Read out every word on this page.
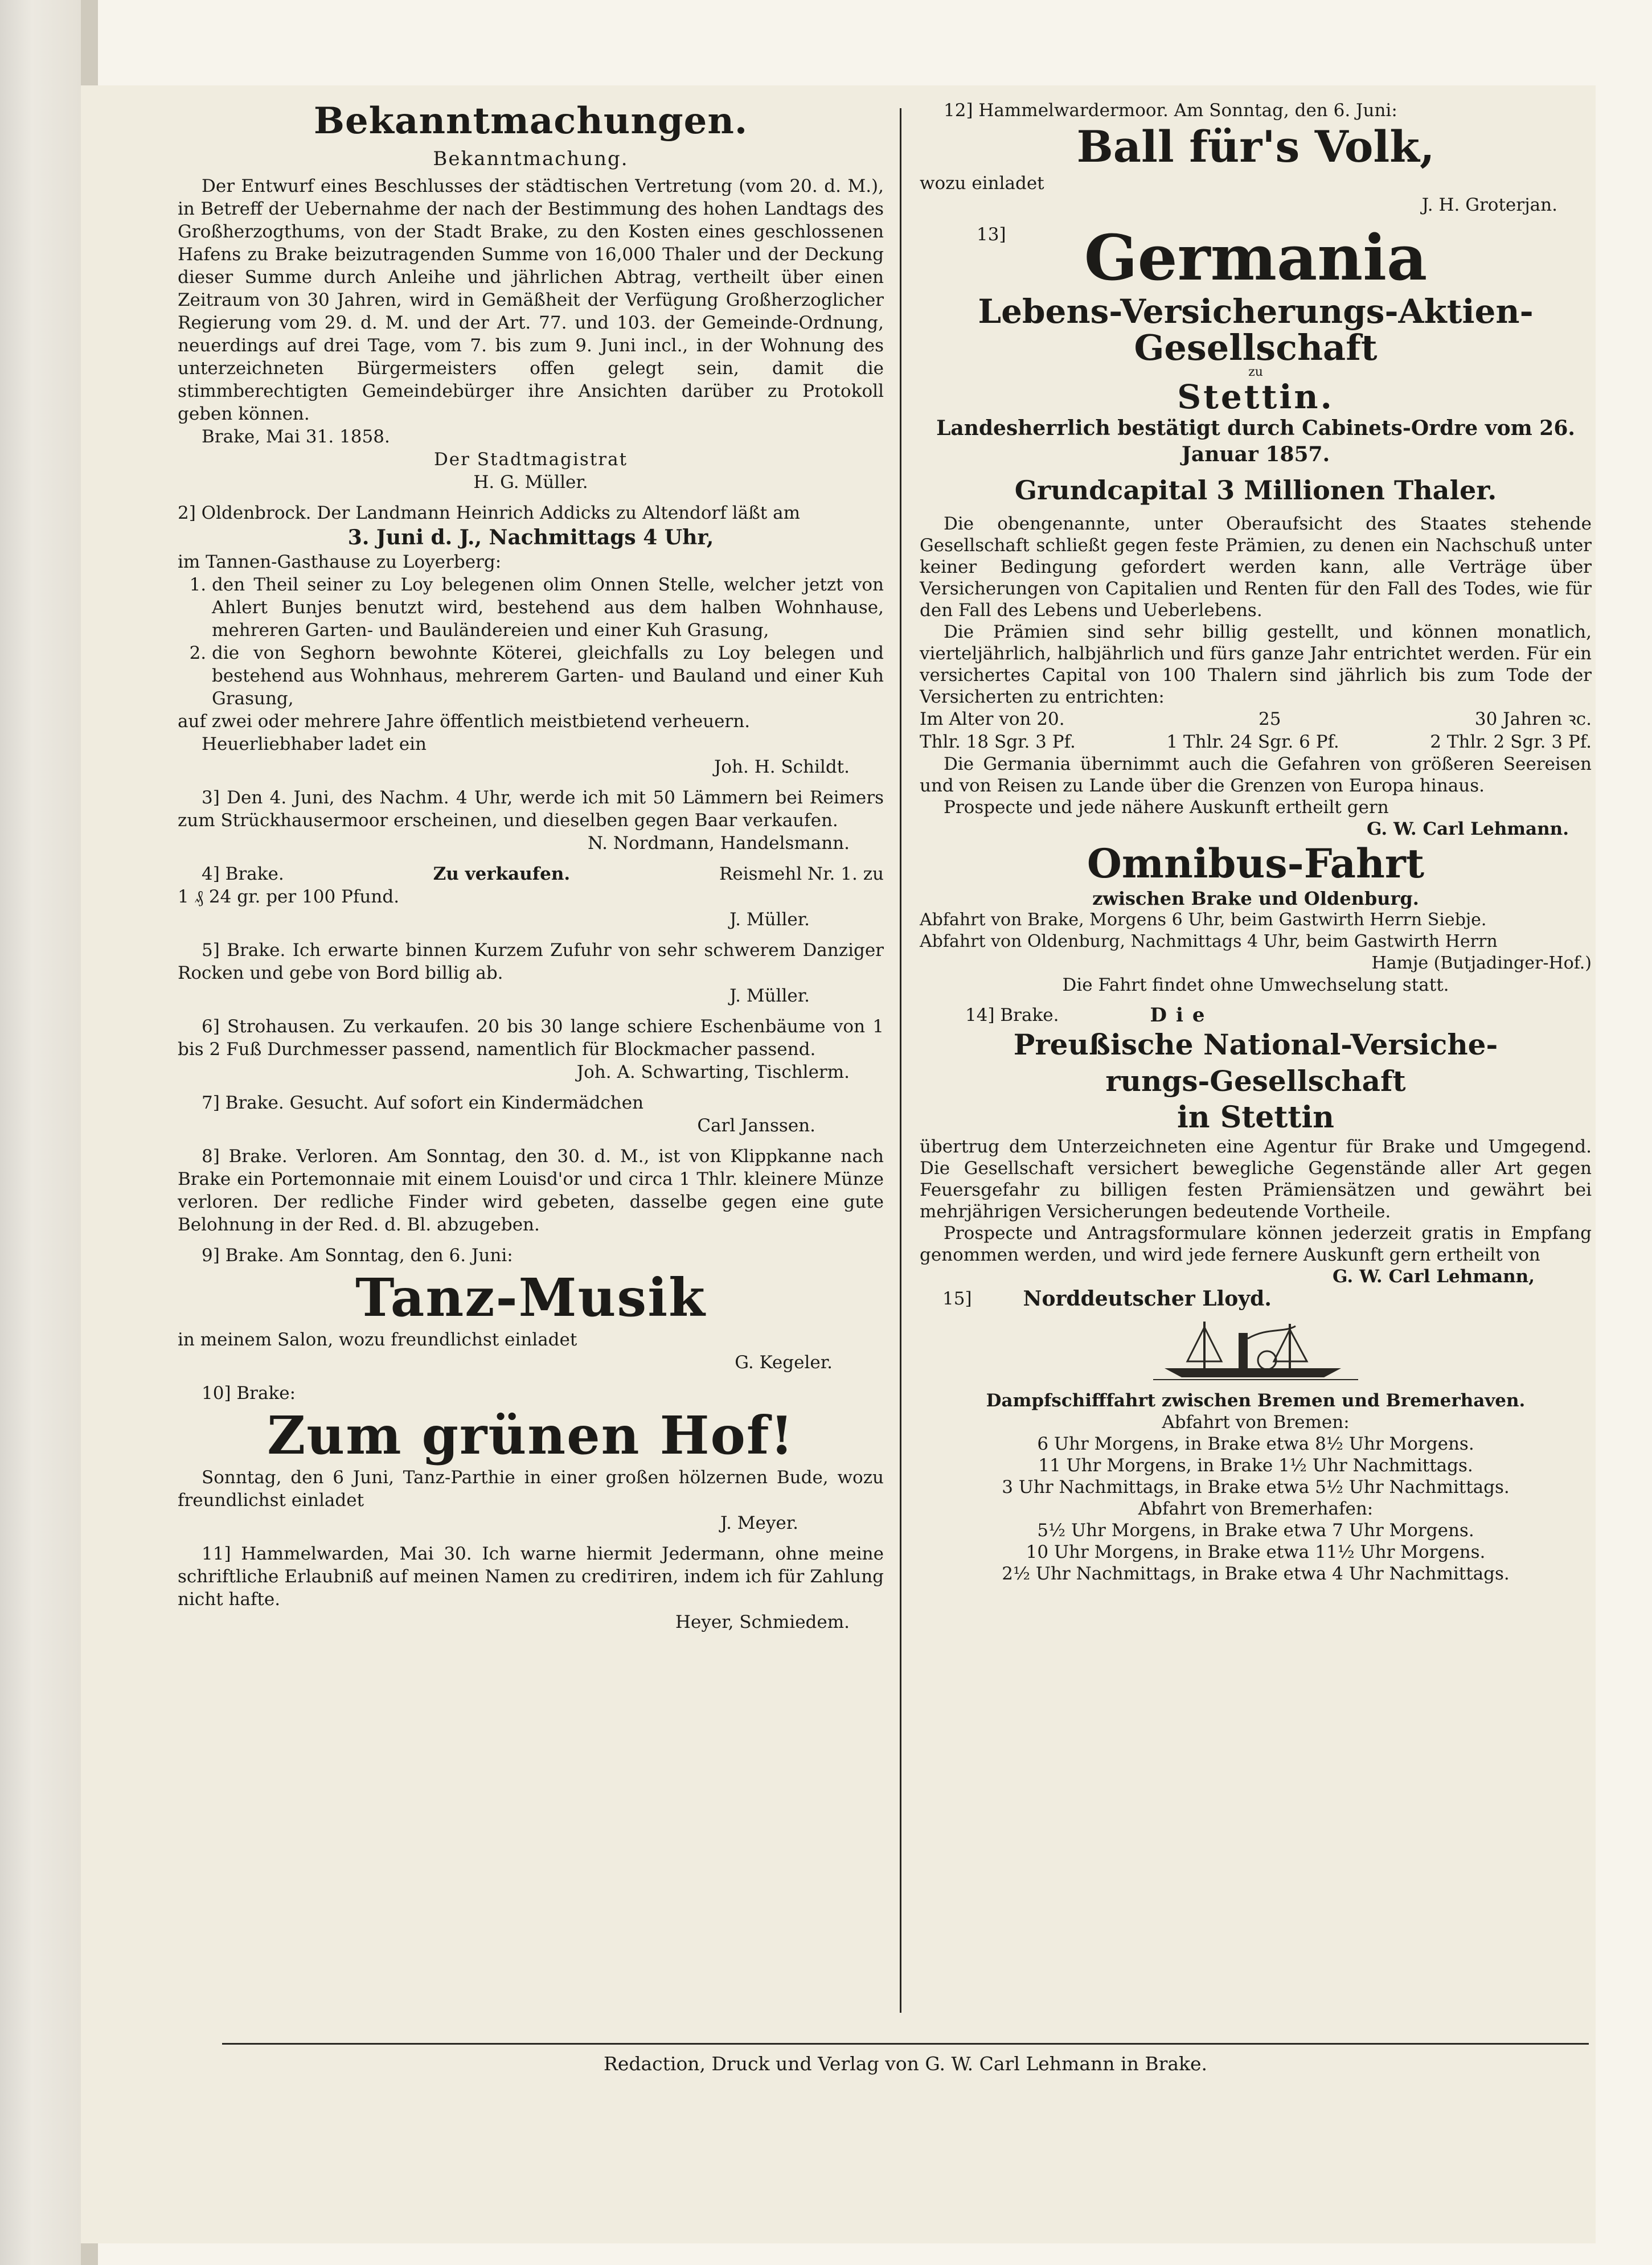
Bekanntmachungen.

Bekanntmachung.

Der Entwurf eines Beschlusses der städtischen Vertretung (vom 20. d. M.), in Betreff der Uebernahme der nach der Bestimmung des hohen Landtags des Großherzogthums, von der Stadt Brake, zu den Kosten eines geschlossenen Hafens zu Brake beizutragenden Summe von 16,000 Thaler und der Deckung dieser Summe durch Anleihe und jährlichen Abtrag, vertheilt über einen Zeitraum von 30 Jahren, wird in Gemäßheit der Verfügung Großherzoglicher Regierung vom 29. d. M. und der Art. 77. und 103. der Gemeinde-Ordnung, neuerdings auf drei Tage, vom 7. bis zum 9. Juni incl., in der Wohnung des unterzeichneten Bürgermeisters offen gelegt sein, damit die stimmberechtigten Gemeindebürger ihre Ansichten darüber zu Protokoll geben können.

Brake, Mai 31. 1858.

Der Stadtmagistrat

H. G. Müller.

2] Oldenbrock. Der Landmann Heinrich Addicks zu Altendorf läßt am

3. Juni d. J., Nachmittags 4 Uhr,

im Tannen-Gasthause zu Loyerberg:

1. den Theil seiner zu Loy belegenen olim Onnen Stelle, welcher jetzt von Ahlert Bunjes benutzt wird, bestehend aus dem halben Wohnhause, mehreren Garten- und Bauländereien und einer Kuh Grasung,
2. die von Seghorn bewohnte Köterei, gleichfalls zu Loy belegen und bestehend aus Wohnhaus, mehrerem Garten- und Bauland und einer Kuh Grasung,

auf zwei oder mehrere Jahre öffentlich meistbietend verheuern.

Heuerliebhaber ladet ein

Joh. H. Schildt.

3] Den 4. Juni, des Nachm. 4 Uhr, werde ich mit 50 Lämmern bei Reimers zum Strückhausermoor erscheinen, und dieselben gegen Baar verkaufen.

N. Nordmann, Handelsmann.

4] Brake.	Zu verkaufen.	Reismehl Nr. 1. zu

1 ₰ 24 gr. per 100 Pfund.

J. Müller.

5] Brake. Ich erwarte binnen Kurzem Zufuhr von sehr schwerem Danziger Rocken und gebe von Bord billig ab.

J. Müller.

6] Strohausen. Zu verkaufen. 20 bis 30 lange schiere Eschenbäume von 1 bis 2 Fuß Durchmesser passend, namentlich für Blockmacher passend.

Joh. A. Schwarting, Tischlerm.

7] Brake. Gesucht. Auf sofort ein Kindermädchen

Carl Janssen.

8] Brake. Verloren. Am Sonntag, den 30. d. M., ist von Klippkanne nach Brake ein Portemonnaie mit einem Louisd'or und circa 1 Thlr. kleinere Münze verloren. Der redliche Finder wird gebeten, dasselbe gegen eine gute Belohnung in der Red. d. Bl. abzugeben.

9] Brake. Am Sonntag, den 6. Juni:

Tanz-Musik

in meinem Salon, wozu freundlichst einladet

G. Kegeler.

10] Brake:

Zum grünen Hof!

Sonntag, den 6 Juni, Tanz-Parthie in einer großen hölzernen Bude, wozu freundlichst einladet

J. Meyer.

11] Hammelwarden, Mai 30. Ich warne hiermit Jedermann, ohne meine schriftliche Erlaubniß auf meinen Namen zu crediтiren, indem ich für Zahlung nicht hafte.

Heyer, Schmiedem.

12] Hammelwardermoor. Am Sonntag, den 6. Juni:

Ball für's Volk,

wozu einladet

J. H. Groterjan.

13]	Germania
Lebens-Versicherungs-Aktien-
Gesellschaft

zu

Stettin.

Landesherrlich bestätigt durch Cabinets-Ordre vom 26. Januar 1857.

Grundcapital 3 Millionen Thaler.

Die obengenannte, unter Oberaufsicht des Staates stehende Gesellschaft schließt gegen feste Prämien, zu denen ein Nachschuß unter keiner Bedingung gefordert werden kann, alle Verträge über Versicherungen von Capitalien und Renten für den Fall des Todes, wie für den Fall des Lebens und Ueberlebens.

Die Prämien sind sehr billig gestellt, und können monatlich, vierteljährlich, halbjährlich und fürs ganze Jahr entrichtet werden. Für ein versichertes Capital von 100 Thalern sind jährlich bis zum Tode der Versicherten zu entrichten:

Im Alter von 20.	25	30 Jahren ꝛc.
Thlr. 18 Sgr. 3 Pf.	1 Thlr. 24 Sgr. 6 Pf.	2 Thlr. 2 Sgr. 3 Pf.

Die Germania übernimmt auch die Gefahren von größeren Seereisen und von Reisen zu Lande über die Grenzen von Europa hinaus.

Prospecte und jede nähere Auskunft ertheilt gern

G. W. Carl Lehmann.

Omnibus-Fahrt

zwischen Brake und Oldenburg.

Abfahrt von Brake, Morgens 6 Uhr, beim Gastwirth Herrn Siebje.

Abfahrt von Oldenburg, Nachmittags 4 Uhr, beim Gastwirth Herrn

Hamje (Butjadinger-Hof.)

Die Fahrt findet ohne Umwechselung statt.

14] Brake.	Die
Preußische National-Versiche-
rungs-Gesellschaft
in Stettin

übertrug dem Unterzeichneten eine Agentur für Brake und Umgegend. Die Gesellschaft versichert bewegliche Gegenstände aller Art gegen Feuersgefahr zu billigen festen Prämiensätzen und gewährt bei mehrjährigen Versicherungen bedeutende Vortheile.

Prospecte und Antragsformulare können jederzeit gratis in Empfang genommen werden, und wird jede fernere Auskunft gern ertheilt von

G. W. Carl Lehmann,

15]	Norddeutscher Lloyd.

Dampfschifffahrt zwischen Bremen und Bremerhaven.

Abfahrt von Bremen:

6 Uhr Morgens, in Brake etwa 8½ Uhr Morgens.

11 Uhr Morgens, in Brake 1½ Uhr Nachmittags.

3 Uhr Nachmittags, in Brake etwa 5½ Uhr Nachmittags.

Abfahrt von Bremerhafen:

5½ Uhr Morgens, in Brake etwa 7 Uhr Morgens.

10 Uhr Morgens, in Brake etwa 11½ Uhr Morgens.

2½ Uhr Nachmittags, in Brake etwa 4 Uhr Nachmittags.

Redaction, Druck und Verlag von G. W. Carl Lehmann in Brake.
